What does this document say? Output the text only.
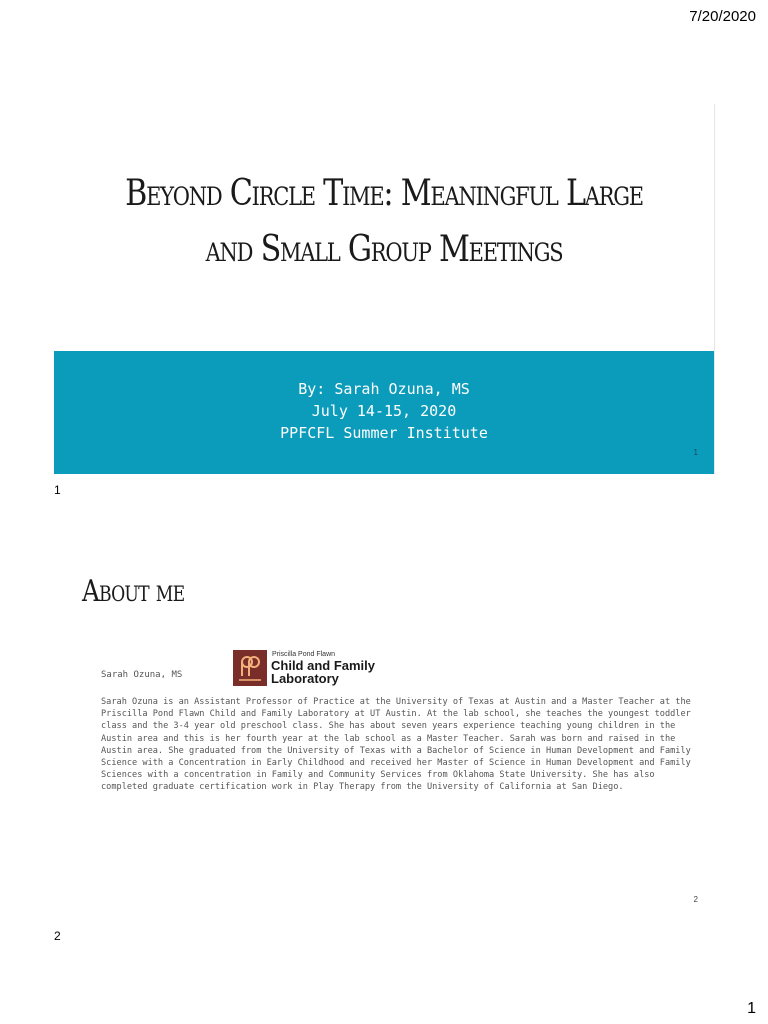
7/20/2020
Beyond Circle Time: Meaningful Large and Small Group Meetings
By: Sarah Ozuna, MS
July 14-15, 2020
PPFCFL Summer Institute
1
1
About me
Sarah Ozuna, MS
Priscilla Pond Flawn
Child and Family
Laboratory

Sarah Ozuna is an Assistant Professor of Practice at the University of Texas at Austin and a Master Teacher at the Priscilla Pond Flawn Child and Family Laboratory at UT Austin. At the lab school, she teaches the youngest toddler class and the 3-4 year old preschool class. She has about seven years experience teaching young children in the Austin area and this is her fourth year at the lab school as a Master Teacher. Sarah was born and raised in the Austin area. She graduated from the University of Texas with a Bachelor of Science in Human Development and Family Science with a Concentration in Early Childhood and received her Master of Science in Human Development and Family Sciences with a concentration in Family and Community Services from Oklahoma State University. She has also completed graduate certification work in Play Therapy from the University of California at San Diego.

2
2
1
